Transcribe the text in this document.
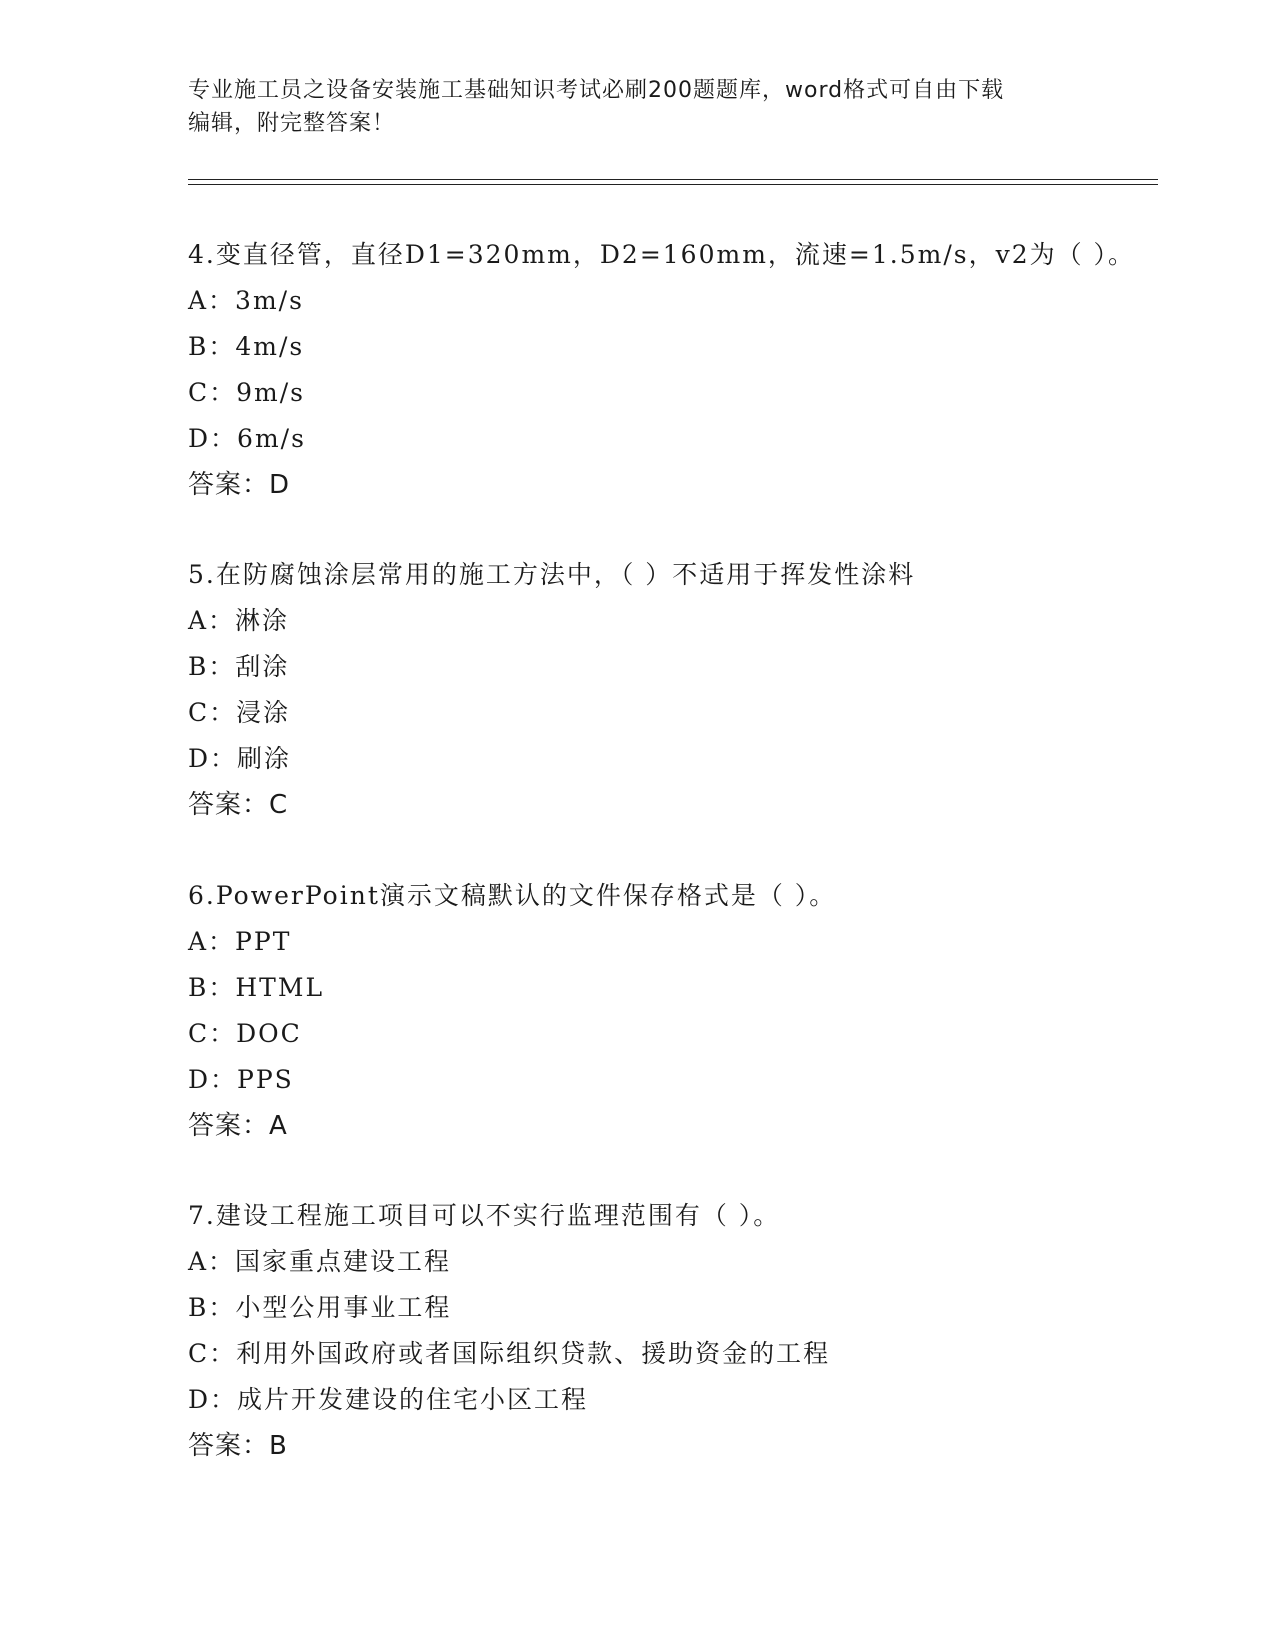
专业施工员之设备安装施工基础知识考试必刷200题题库，word格式可自由下载
编辑，附完整答案！
4.变直径管，直径D1=320mm，D2=160mm，流速=1.5m/s，v2为（ ）。
A：3m/s
B：4m/s
C：9m/s
D：6m/s
答案：D
5.在防腐蚀涂层常用的施工方法中，（ ）不适用于挥发性涂料
A：淋涂
B：刮涂
C：浸涂
D：刷涂
答案：C
6.PowerPoint演示文稿默认的文件保存格式是（ ）。
A：PPT
B：HTML
C：DOC
D：PPS
答案：A
7.建设工程施工项目可以不实行监理范围有（ ）。
A：国家重点建设工程
B：小型公用事业工程
C：利用外国政府或者国际组织贷款、援助资金的工程
D：成片开发建设的住宅小区工程
答案：B
